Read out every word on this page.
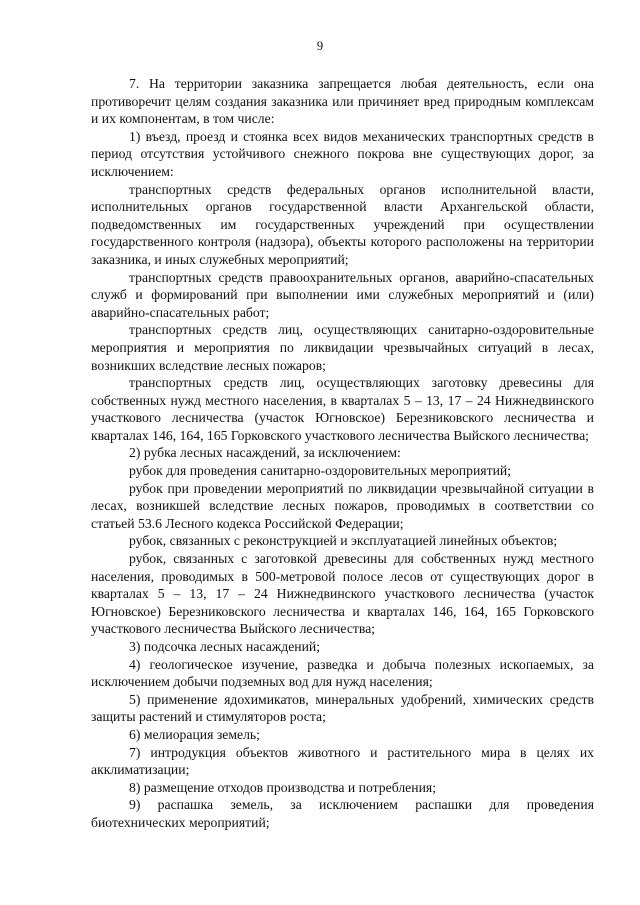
9

7. На территории заказника запрещается любая деятельность, если она противоречит целям создания заказника или причиняет вред природным комплексам и их компонентам, в том числе:

1) въезд, проезд и стоянка всех видов механических транспортных средств в период отсутствия устойчивого снежного покрова вне существующих дорог, за исключением:

транспортных средств федеральных органов исполнительной власти, исполнительных органов государственной власти Архангельской области, подведомственных им государственных учреждений при осуществлении государственного контроля (надзора), объекты которого расположены на территории заказника, и иных служебных мероприятий;

транспортных средств правоохранительных органов, аварийно-спасательных служб и формирований при выполнении ими служебных мероприятий и (или) аварийно-спасательных работ;

транспортных средств лиц, осуществляющих санитарно-оздоровительные мероприятия и мероприятия по ликвидации чрезвычайных ситуаций в лесах, возникших вследствие лесных пожаров;

транспортных средств лиц, осуществляющих заготовку древесины для собственных нужд местного населения, в кварталах 5 – 13, 17 – 24 Нижнедвинского участкового лесничества (участок Югновское) Березниковского лесничества и кварталах 146, 164, 165 Горковского участкового лесничества Выйского лесничества;

2) рубка лесных насаждений, за исключением:

рубок для проведения санитарно-оздоровительных мероприятий;

рубок при проведении мероприятий по ликвидации чрезвычайной ситуации в лесах, возникшей вследствие лесных пожаров, проводимых в соответствии со статьей 53.6 Лесного кодекса Российской Федерации;

рубок, связанных с реконструкцией и эксплуатацией линейных объектов;

рубок, связанных с заготовкой древесины для собственных нужд местного населения, проводимых в 500-метровой полосе лесов от существующих дорог в кварталах 5 – 13, 17 – 24 Нижнедвинского участкового лесничества (участок Югновское) Березниковского лесничества и кварталах 146, 164, 165 Горковского участкового лесничества Выйского лесничества;

3) подсочка лесных насаждений;

4) геологическое изучение, разведка и добыча полезных ископаемых, за исключением добычи подземных вод для нужд населения;

5) применение ядохимикатов, минеральных удобрений, химических средств защиты растений и стимуляторов роста;

6) мелиорация земель;

7) интродукция объектов животного и растительного мира в целях их акклиматизации;

8) размещение отходов производства и потребления;

9) распашка земель, за исключением распашки для проведения биотехнических мероприятий;
